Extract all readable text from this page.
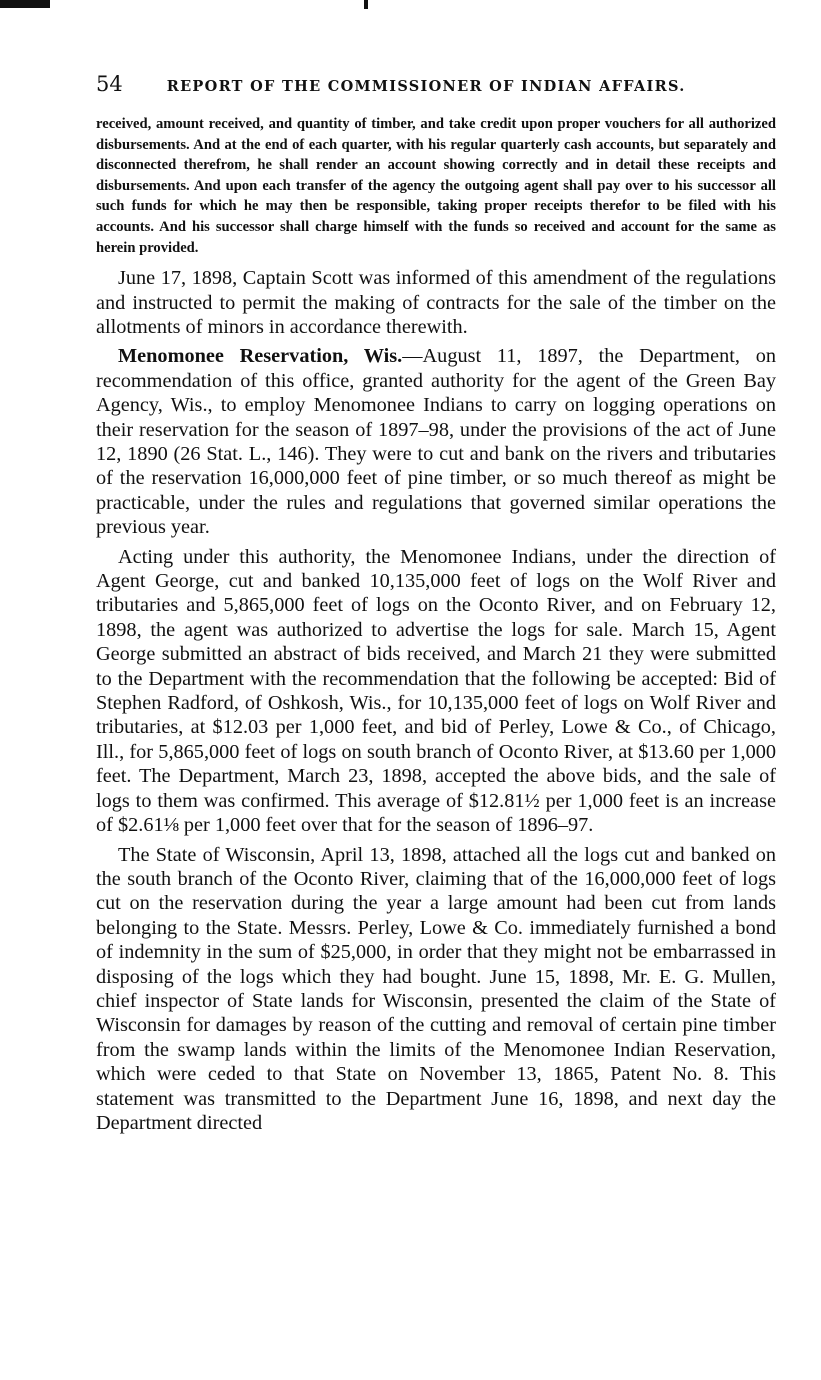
54	REPORT OF THE COMMISSIONER OF INDIAN AFFAIRS.

received, amount received, and quantity of timber, and take credit upon proper vouchers for all authorized disbursements. And at the end of each quarter, with his regular quarterly cash accounts, but separately and disconnected therefrom, he shall render an account showing correctly and in detail these receipts and disbursements. And upon each transfer of the agency the outgoing agent shall pay over to his successor all such funds for which he may then be responsible, taking proper receipts therefor to be filed with his accounts. And his successor shall charge himself with the funds so received and account for the same as herein provided.

June 17, 1898, Captain Scott was informed of this amendment of the regulations and instructed to permit the making of contracts for the sale of the timber on the allotments of minors in accordance therewith.

Menomonee Reservation, Wis.—August 11, 1897, the Department, on recommendation of this office, granted authority for the agent of the Green Bay Agency, Wis., to employ Menomonee Indians to carry on logging operations on their reservation for the season of 1897–98, under the provisions of the act of June 12, 1890 (26 Stat. L., 146). They were to cut and bank on the rivers and tributaries of the reservation 16,000,000 feet of pine timber, or so much thereof as might be practicable, under the rules and regulations that governed similar operations the previous year.

Acting under this authority, the Menomonee Indians, under the direction of Agent George, cut and banked 10,135,000 feet of logs on the Wolf River and tributaries and 5,865,000 feet of logs on the Oconto River, and on February 12, 1898, the agent was authorized to advertise the logs for sale. March 15, Agent George submitted an abstract of bids received, and March 21 they were submitted to the Department with the recommendation that the following be accepted: Bid of Stephen Radford, of Oshkosh, Wis., for 10,135,000 feet of logs on Wolf River and tributaries, at $12.03 per 1,000 feet, and bid of Perley, Lowe & Co., of Chicago, Ill., for 5,865,000 feet of logs on south branch of Oconto River, at $13.60 per 1,000 feet. The Department, March 23, 1898, accepted the above bids, and the sale of logs to them was confirmed. This average of $12.81½ per 1,000 feet is an increase of $2.61⅛ per 1,000 feet over that for the season of 1896–97.

The State of Wisconsin, April 13, 1898, attached all the logs cut and banked on the south branch of the Oconto River, claiming that of the 16,000,000 feet of logs cut on the reservation during the year a large amount had been cut from lands belonging to the State. Messrs. Perley, Lowe & Co. immediately furnished a bond of indemnity in the sum of $25,000, in order that they might not be embarrassed in disposing of the logs which they had bought. June 15, 1898, Mr. E. G. Mullen, chief inspector of State lands for Wisconsin, presented the claim of the State of Wisconsin for damages by reason of the cutting and removal of certain pine timber from the swamp lands within the limits of the Menomonee Indian Reservation, which were ceded to that State on November 13, 1865, Patent No. 8. This statement was transmitted to the Department June 16, 1898, and next day the Department directed
